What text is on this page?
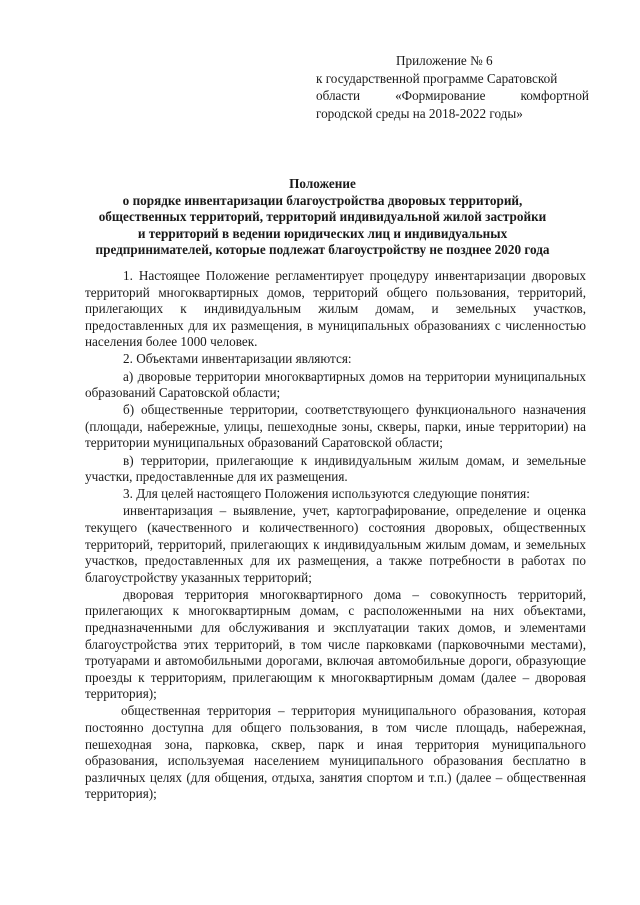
Приложение № 6
к государственной программе Саратовской
области «Формирование комфортной
городской среды на 2018-2022 годы»
Положение
о порядке инвентаризации благоустройства дворовых территорий,
общественных территорий, территорий индивидуальной жилой застройки
и территорий в ведении юридических лиц и индивидуальных
предпринимателей, которые подлежат благоустройству не позднее 2020 года

1. Настоящее Положение регламентирует процедуру инвентаризации дворовых территорий многоквартирных домов, территорий общего пользования, территорий, прилегающих к индивидуальным жилым домам, и земельных участков, предоставленных для их размещения, в муниципальных образованиях с численностью населения более 1000 человек.

2. Объектами инвентаризации являются:

а) дворовые территории многоквартирных домов на территории муниципальных образований Саратовской области;

б) общественные территории, соответствующего функционального назначения (площади, набережные, улицы, пешеходные зоны, скверы, парки, иные территории) на территории муниципальных образований Саратовской области;

в) территории, прилегающие к индивидуальным жилым домам, и земельные участки, предоставленные для их размещения.

3. Для целей настоящего Положения используются следующие понятия:

инвентаризация – выявление, учет, картографирование, определение и оценка текущего (качественного и количественного) состояния дворовых, общественных территорий, территорий, прилегающих к индивидуальным жилым домам, и земельных участков, предоставленных для их размещения, а также потребности в работах по благоустройству указанных территорий;

дворовая территория многоквартирного дома – совокупность территорий, прилегающих к многоквартирным домам, с расположенными на них объектами, предназначенными для обслуживания и эксплуатации таких домов, и элементами благоустройства этих территорий, в том числе парковками (парковочными местами), тротуарами и автомобильными дорогами, включая автомобильные дороги, образующие проезды к территориям, прилегающим к многоквартирным домам (далее – дворовая территория);

общественная территория – территория муниципального образования, которая постоянно доступна для общего пользования, в том числе площадь, набережная, пешеходная зона, парковка, сквер, парк и иная территория муниципального образования, используемая населением муниципального образования бесплатно в различных целях (для общения, отдыха, занятия спортом и т.п.) (далее – общественная территория);
